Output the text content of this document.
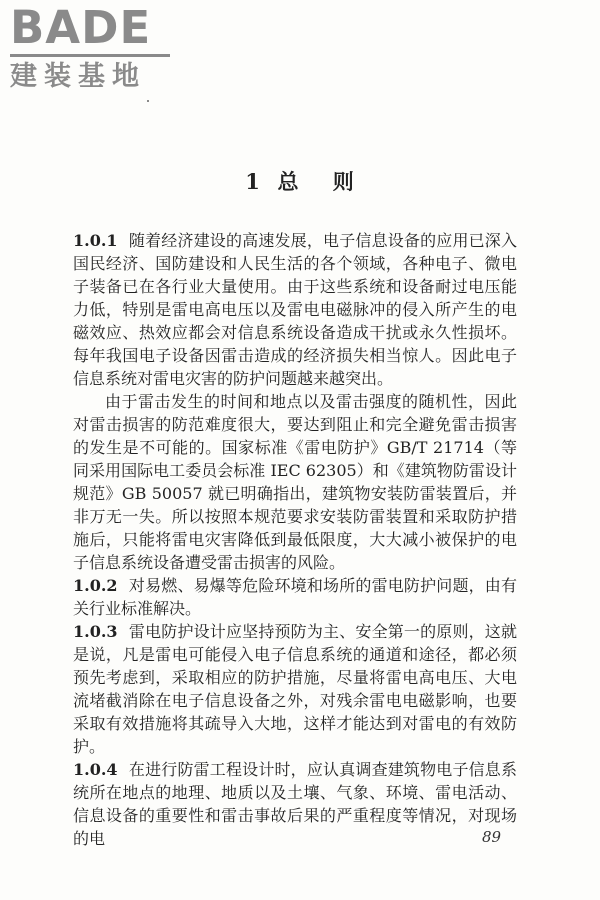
BADE
建装基地
1  总    则

1.0.1 随着经济建设的高速发展，电子信息设备的应用已深入国民经济、国防建设和人民生活的各个领域，各种电子、微电子装备已在各行业大量使用。由于这些系统和设备耐过电压能力低，特别是雷电高电压以及雷电电磁脉冲的侵入所产生的电磁效应、热效应都会对信息系统设备造成干扰或永久性损坏。每年我国电子设备因雷击造成的经济损失相当惊人。因此电子信息系统对雷电灾害的防护问题越来越突出。

由于雷击发生的时间和地点以及雷击强度的随机性，因此对雷击损害的防范难度很大，要达到阻止和完全避免雷击损害的发生是不可能的。国家标准《雷电防护》GB/T 21714（等同采用国际电工委员会标准 IEC 62305）和《建筑物防雷设计规范》GB 50057 就已明确指出，建筑物安装防雷装置后，并非万无一失。所以按照本规范要求安装防雷装置和采取防护措施后，只能将雷电灾害降低到最低限度，大大减小被保护的电子信息系统设备遭受雷击损害的风险。

1.0.2 对易燃、易爆等危险环境和场所的雷电防护问题，由有关行业标准解决。

1.0.3 雷电防护设计应坚持预防为主、安全第一的原则，这就是说，凡是雷电可能侵入电子信息系统的通道和途径，都必须预先考虑到，采取相应的防护措施，尽量将雷电高电压、大电流堵截消除在电子信息设备之外，对残余雷电电磁影响，也要采取有效措施将其疏导入大地，这样才能达到对雷电的有效防护。

1.0.4 在进行防雷工程设计时，应认真调查建筑物电子信息系统所在地点的地理、地质以及土壤、气象、环境、雷电活动、信息设备的重要性和雷击事故后果的严重程度等情况，对现场的电	89
